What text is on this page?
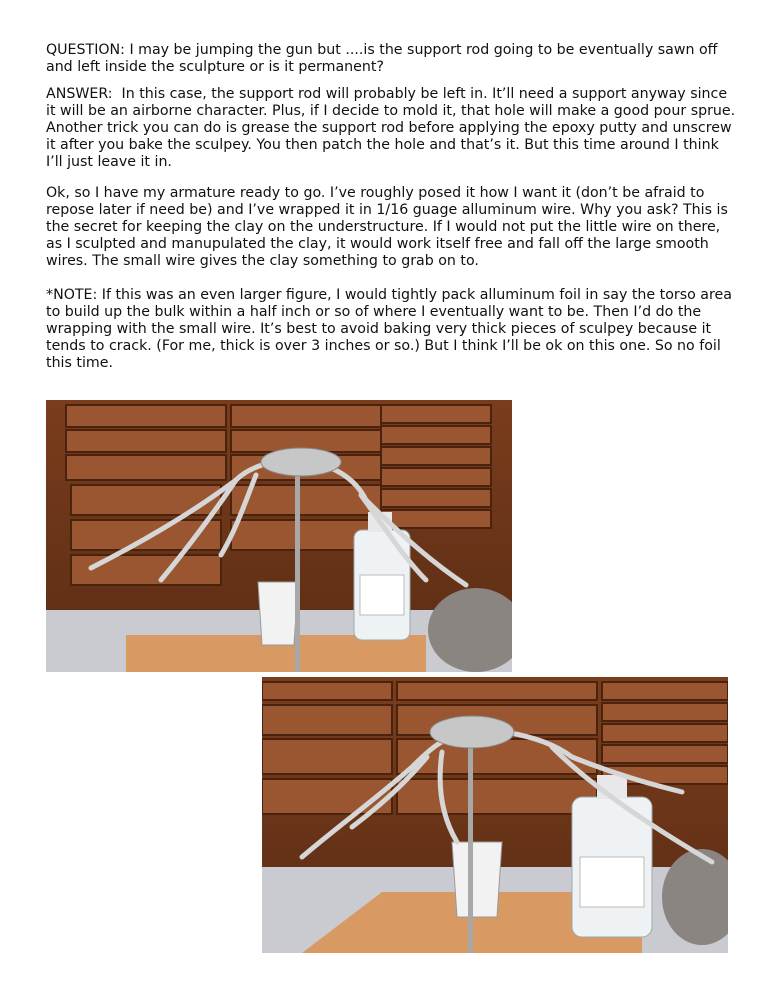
QUESTION: I may be jumping the gun but ....is the support rod going to be eventually sawn off and left inside the sculpture or is it permanent?

ANSWER:  In this case, the support rod will probably be left in. It’ll need a support anyway since it will be an airborne character. Plus, if I decide to mold it, that hole will make a good pour sprue. Another trick you can do is grease the support rod before applying the epoxy putty and unscrew it after you bake the sculpey. You then patch the hole and that’s it. But this time around I think I’ll just leave it in.

Ok, so I have my armature ready to go. I’ve roughly posed it how I want it (don’t be afraid to repose later if need be) and I’ve wrapped it in 1/16 guage alluminum wire. Why you ask? This is the secret for keeping the clay on the understructure. If I would not put the little wire on there, as I sculpted and manupulated the clay, it would work itself free and fall off the large smooth wires. The small wire gives the clay something to grab on to.

*NOTE: If this was an even larger figure, I would tightly pack alluminum foil in say the torso area to build up the bulk within a half inch or so of where I eventually want to be. Then I’d do the wrapping with the small wire. It’s best to avoid baking very thick pieces of sculpey because it tends to crack. (For me, thick is over 3 inches or so.) But I think I’ll be ok on this one. So no foil this time.
